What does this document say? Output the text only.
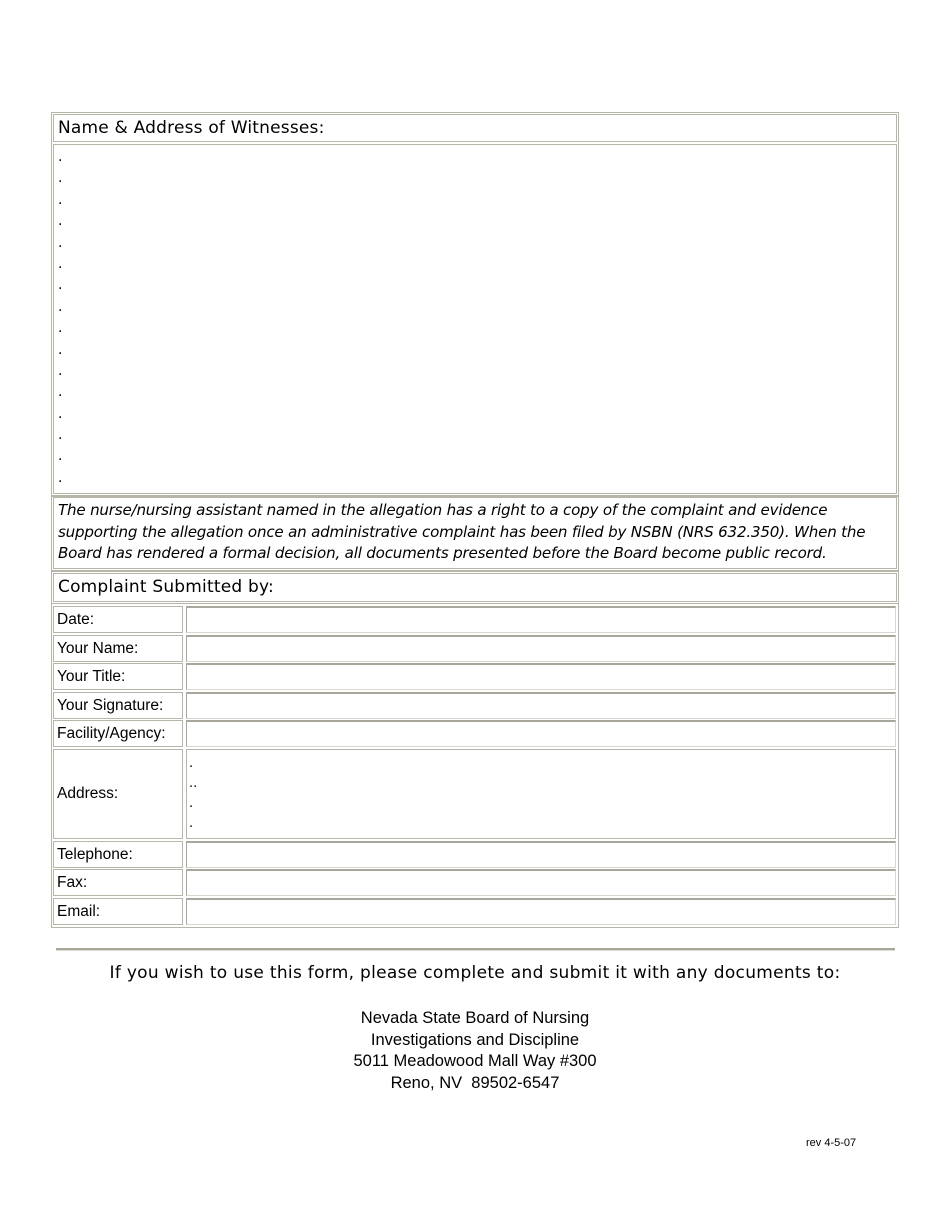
Name & Address of Witnesses:
.
.
.
.
.
.
.
.
.
.
.
.
.
.
.
.
The nurse/nursing assistant named in the allegation has a right to a copy of the complaint and evidence supporting the allegation once an administrative complaint has been filed by NSBN (NRS 632.350). When the Board has rendered a formal decision, all documents presented before the Board become public record.
Complaint Submitted by:
Date:
Your Name:
Your Title:
Your Signature:
Facility/Agency:
Address:
.
..
.
.
Telephone:
Fax:
Email:
If you wish to use this form, please complete and submit it with any documents to:
Nevada State Board of Nursing
Investigations and Discipline
5011 Meadowood Mall Way #300
Reno, NV  89502-6547
rev 4-5-07
